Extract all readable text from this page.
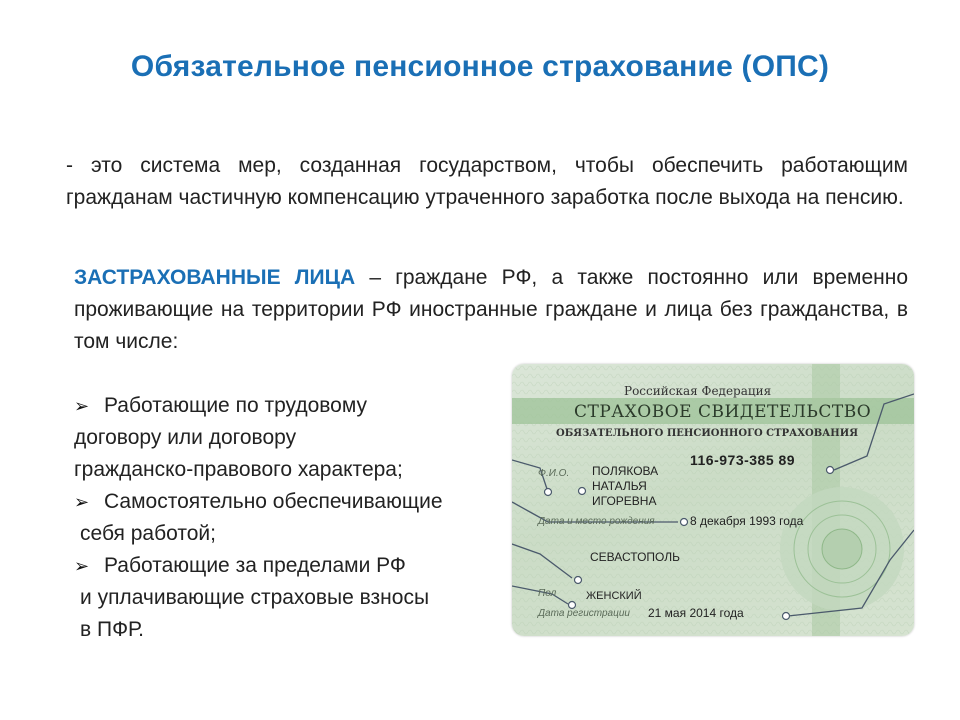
Обязательное пенсионное страхование (ОПС)
- это система мер, созданная государством, чтобы обеспечить работающим гражданам частичную компенсацию утраченного заработка после выхода на пенсию.
ЗАСТРАХОВАННЫЕ ЛИЦА – граждане РФ, а также постоянно или временно проживающие на территории РФ иностранные граждане и лица без гражданства, в том числе:
➢ Работающие по трудовому
договору или договору
гражданско-правового характера;
➢ Самостоятельно обеспечивающие
себя работой;
➢ Работающие за пределами РФ
и уплачивающие страховые взносы
в ПФР.
Российская Федерация
СТРАХОВОЕ СВИДЕТЕЛЬСТВО
ОБЯЗАТЕЛЬНОГО ПЕНСИОННОГО СТРАХОВАНИЯ
116-973-385 89
Ф.И.О. ПОЛЯКОВА
НАТАЛЬЯ
ИГОРЕВНА
Дата и место рождения	8 декабря 1993 года
СЕВАСТОПОЛЬ
Пол	ЖЕНСКИЙ
Дата регистрации 21 мая 2014 года
